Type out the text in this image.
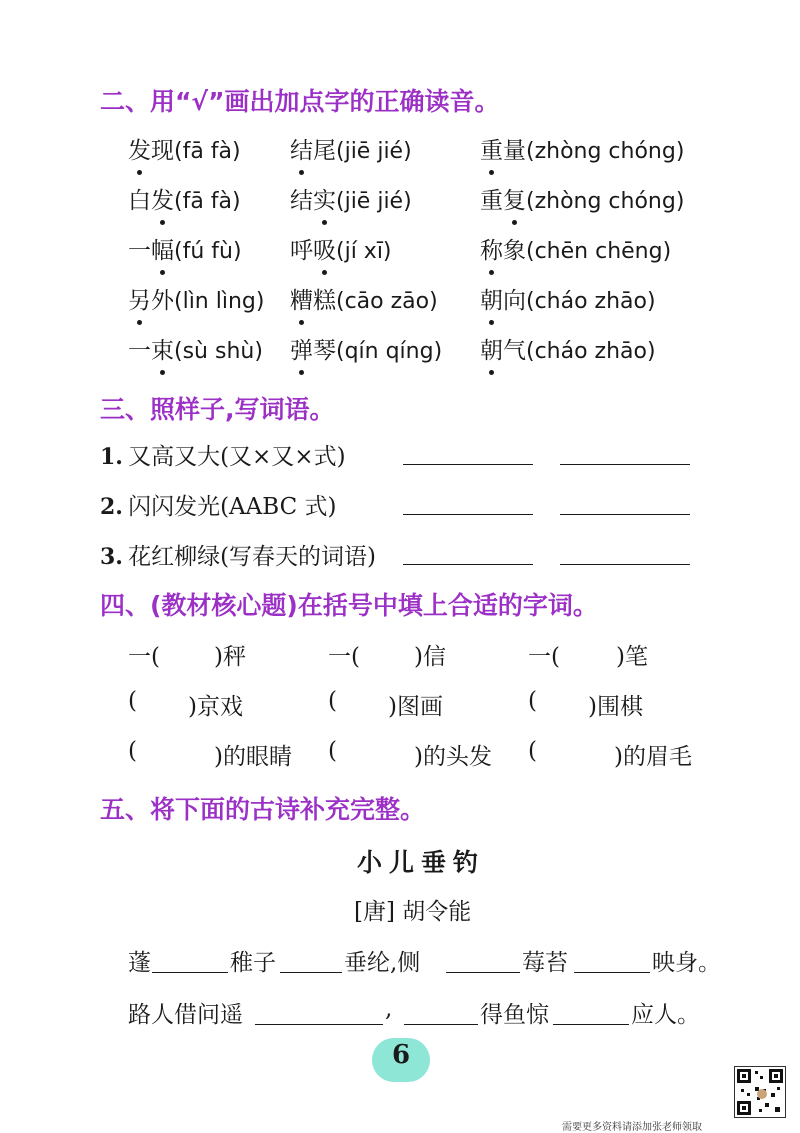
二、用“√”画出加点字的正确读音。
发现(fā fà) 结尾(jiē jié)	重量(zhòng chóng)
白发(fā fà) 结实(jiē jié)	重复(zhòng chóng)
一幅(fú fù) 呼吸(jí xī)	称象(chēn chēng)
另外(lìn lìng) 糟糕(cāo zāo) 朝向(cháo zhāo)
一束(sù shù) 弹琴(qín qíng) 朝气(cháo zhāo)
三、照样子,写词语。
1. 又高又大(又×又×式)
2. 闪闪发光(AABC 式)
3. 花红柳绿(写春天的词语)
四、(教材核心题)在括号中填上合适的字词。
一( )秤	一( )信	一( )笔
( )京戏	( )图画	( )围棋
(	)的眼睛 (	)的头发 (	)的眉毛
五、将下面的古诗补充完整。
小儿垂钓
[唐] 胡令能
蓬	稚子	垂纶,侧	莓苔	映身。
路人借问遥	,	得鱼惊	应人。
6
需要更多资料请添加张老师领取
